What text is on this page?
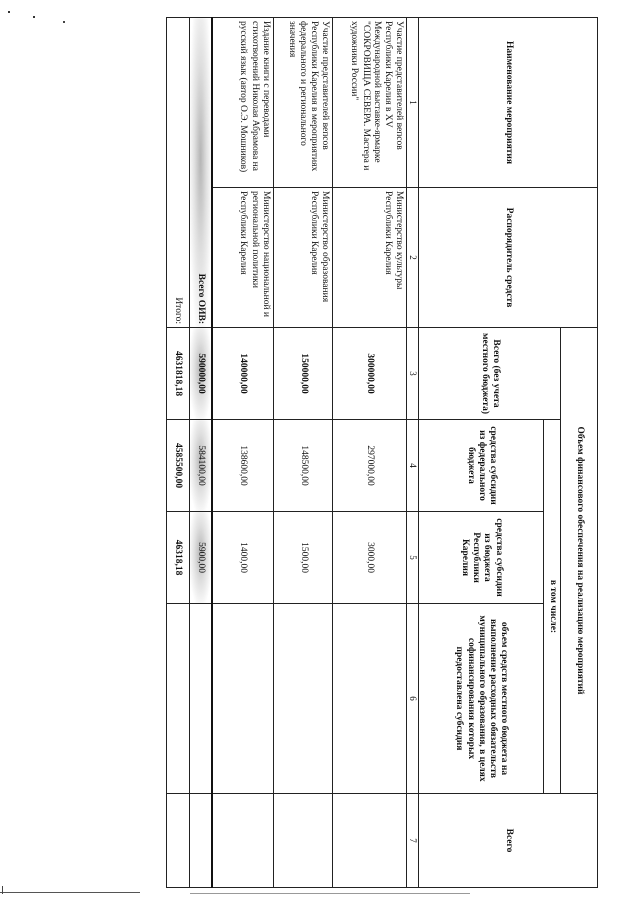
Наименование мероприятия	Распорядитель средств	Объем финансового обеспечения на реализацию мероприятий				Всего
		Всего (без учета местного бюджета)	в том числе:			
			средства субсидии из федерального бюджета	средства субсидии из бюджета Республики Карелия	объем средств местного бюджета на выполнение расходных обязательств муниципального образования, в целях софинансирования которых предоставлена субсидия	
1	2	3	4	5	6	7
Участие представителей вепсов Республики Карелия в XV Международной выставке-ярмарке "СОКРОВИЩА СЕВЕРА. Мастера и художники России"	Министерство культуры Республики Карелия	300000,00	297000,00	3000,00		
Участие представителей вепсов Республики Карелия в мероприятиях федерального и регионального значения	Министерство образования Республики Карелия	150000,00	148500,00	1500,00		
Издание книги с переводами стихотворений Николая Абрамова на русский язык (автор О.Э. Мошников)	Министерство национальной и региональной политики Республики Карелия	140000,00	138600,00	1400,00		
Всего ОИВ:		590000,00	584100,00	5900,00		
Итого:		4631818,18	4585500,00	46318,18		
